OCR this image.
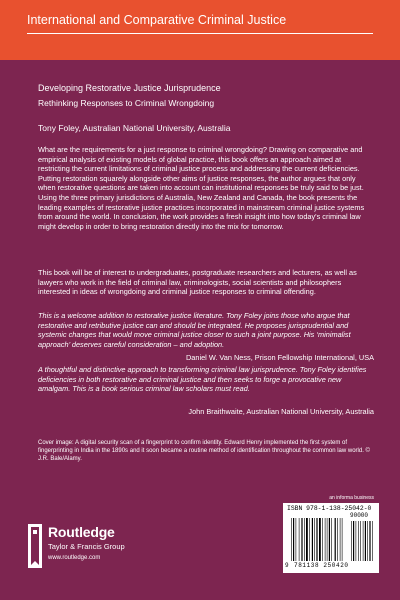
International and Comparative Criminal Justice
Developing Restorative Justice Jurisprudence
Rethinking Responses to Criminal Wrongdoing
Tony Foley, Australian National University, Australia

What are the requirements for a just response to criminal wrongdoing? Drawing on comparative and empirical analysis of existing models of global practice, this book offers an approach aimed at restricting the current limitations of criminal justice process and addressing the current deficiencies. Putting restoration squarely alongside other aims of justice responses, the author argues that only when restorative questions are taken into account can institutional responses be truly said to be just. Using the three primary jurisdictions of Australia, New Zealand and Canada, the book presents the leading examples of restorative justice practices incorporated in mainstream criminal justice systems from around the world. In conclusion, the work provides a fresh insight into how today's criminal law might develop in order to bring restoration directly into the mix for tomorrow.

This book will be of interest to undergraduates, postgraduate researchers and lecturers, as well as lawyers who work in the field of criminal law, criminologists, social scientists and philosophers interested in ideas of wrongdoing and criminal justice responses to criminal offending.

This is a welcome addition to restorative justice literature. Tony Foley joins those who argue that restorative and retributive justice can and should be integrated. He proposes jurisprudential and systemic changes that would move criminal justice closer to such a joint purpose. His ‘minimalist approach’ deserves careful consideration – and adoption.

Daniel W. Van Ness, Prison Fellowship International, USA

A thoughtful and distinctive approach to transforming criminal law jurisprudence. Tony Foley identifies deficiencies in both restorative and criminal justice and then seeks to forge a provocative new amalgam. This is a book serious criminal law scholars must read.

John Braithwaite, Australian National University, Australia

Cover image: A digital security scan of a fingerprint to confirm identity. Edward Henry implemented the first system of fingerprinting in India in the 1890s and it soon became a routine method of identification throughout the common law world. © J.R. Bale/Alamy.

an informa business
Routledge
Taylor & Francis Group
www.routledge.com
ISBN 978-1-138-25042-0
90000
9 781138 250420
